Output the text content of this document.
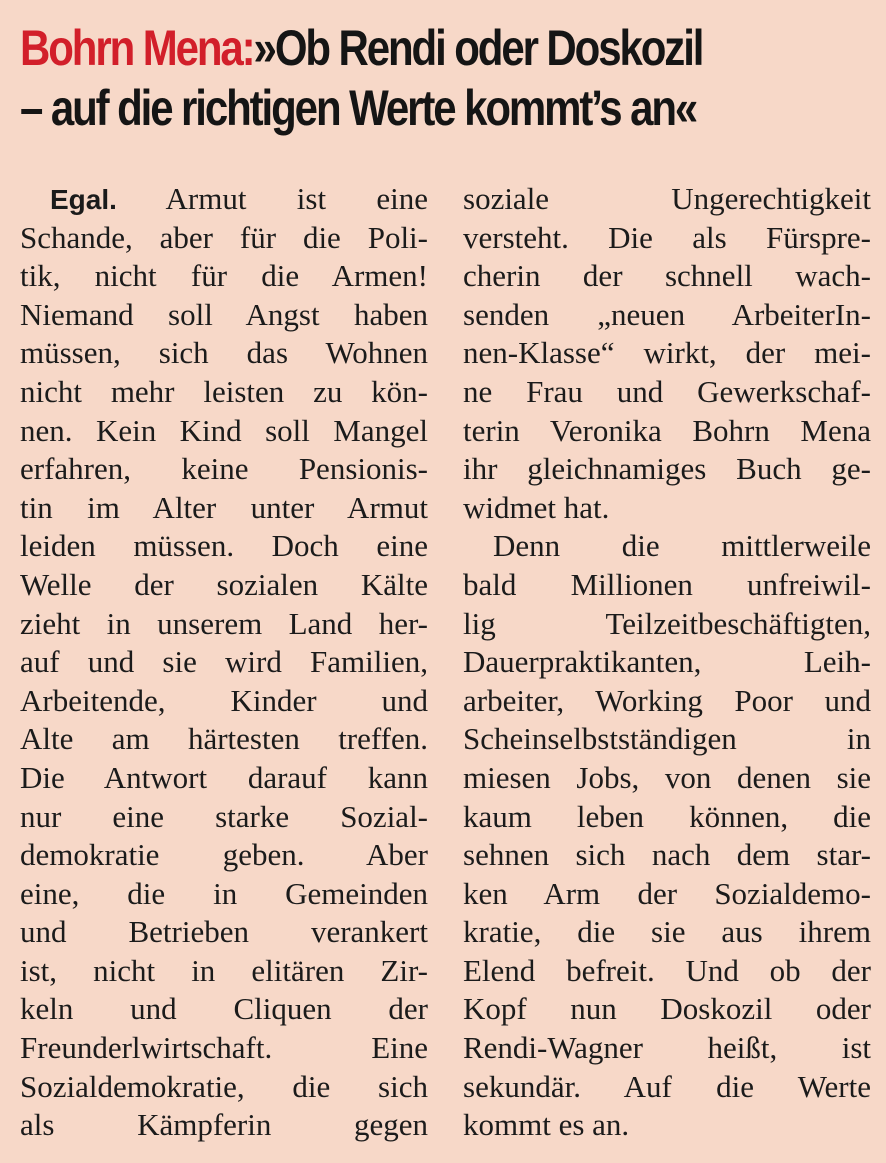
Bohrn Mena:»Ob Rendi oder Doskozil
– auf die richtigen Werte kommt’s an«
Egal. Armut ist eine
Schande, aber für die Poli-
tik, nicht für die Armen!
Niemand soll Angst haben
müssen, sich das Wohnen
nicht mehr leisten zu kön-
nen. Kein Kind soll Mangel
erfahren, keine Pensionis-
tin im Alter unter Armut
leiden müssen. Doch eine
Welle der sozialen Kälte
zieht in unserem Land her-
auf und sie wird Familien,
Arbeitende, Kinder und
Alte am härtesten treffen.
Die Antwort darauf kann
nur eine starke Sozial-
demokratie geben. Aber
eine, die in Gemeinden
und Betrieben verankert
ist, nicht in elitären Zir-
keln und Cliquen der
Freunderlwirtschaft. Eine
Sozialdemokratie, die sich
als Kämpferin gegen
soziale Ungerechtigkeit
versteht. Die als Fürspre-
cherin der schnell wach-
senden „neuen ArbeiterIn-
nen-Klasse“ wirkt, der mei-
ne Frau und Gewerkschaf-
terin Veronika Bohrn Mena
ihr gleichnamiges Buch ge-
widmet hat.
Denn die mittlerweile
bald Millionen unfreiwil-
lig Teilzeitbeschäftigten,
Dauerpraktikanten, Leih-
arbeiter, Working Poor und
Scheinselbstständigen in
miesen Jobs, von denen sie
kaum leben können, die
sehnen sich nach dem star-
ken Arm der Sozialdemo-
kratie, die sie aus ihrem
Elend befreit. Und ob der
Kopf nun Doskozil oder
Rendi-Wagner heißt, ist
sekundär. Auf die Werte
kommt es an.
